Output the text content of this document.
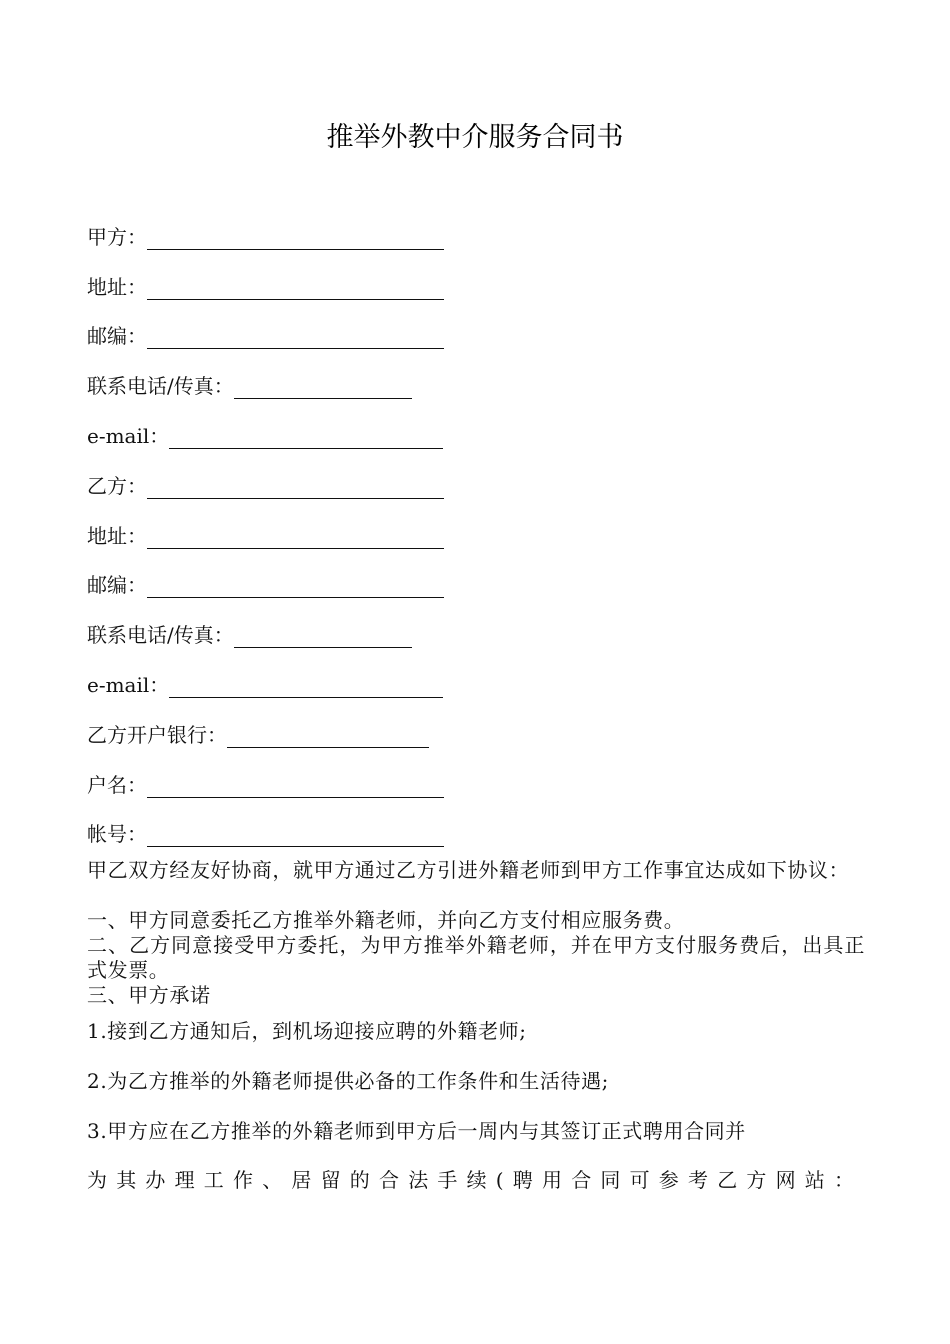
推举外教中介服务合同书
甲方：
地址：
邮编：
联系电话/传真：
e-mail：
乙方：
地址：
邮编：
联系电话/传真：
e-mail：
乙方开户银行：
户名：
帐号：
甲乙双方经友好协商，就甲方通过乙方引进外籍老师到甲方工作事宜达成如下协议：
一、甲方同意委托乙方推举外籍老师，并向乙方支付相应服务费。
二、乙方同意接受甲方委托，为甲方推举外籍老师，并在甲方支付服务费后，出具正式发票。
三、甲方承诺
1.接到乙方通知后，到机场迎接应聘的外籍老师;
2.为乙方推举的外籍老师提供必备的工作条件和生活待遇;
3.甲方应在乙方推举的外籍老师到甲方后一周内与其签订正式聘用合同并
为其办理工作、居留的合法手续(聘用合同可参考乙方网站：
